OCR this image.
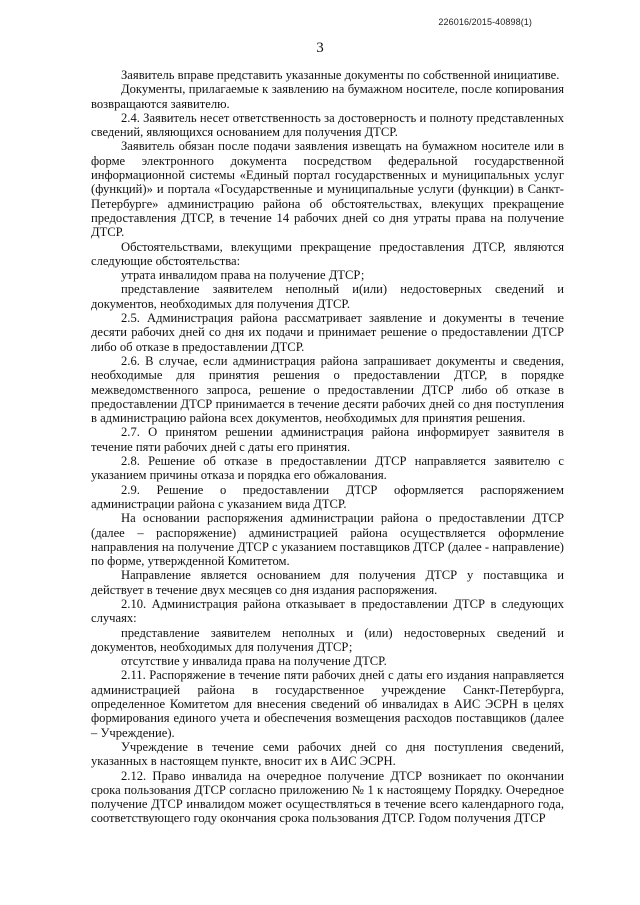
226016/2015-40898(1)
3

Заявитель вправе представить указанные документы по собственной инициативе.

Документы, прилагаемые к заявлению на бумажном носителе, после копирования возвращаются заявителю.

2.4. Заявитель несет ответственность за достоверность и полноту представленных сведений, являющихся основанием для получения ДТСР.

Заявитель обязан после подачи заявления извещать на бумажном носителе или в форме электронного документа посредством федеральной государственной информационной системы «Единый портал государственных и муниципальных услуг (функций)» и портала «Государственные и муниципальные услуги (функции) в Санкт-Петербурге» администрацию района об обстоятельствах, влекущих прекращение предоставления ДТСР, в течение 14 рабочих дней со дня утраты права на получение ДТСР.

Обстоятельствами, влекущими прекращение предоставления ДТСР, являются следующие обстоятельства:

утрата инвалидом права на получение ДТСР;

представление заявителем неполный и(или) недостоверных сведений и документов, необходимых для получения ДТСР.

2.5. Администрация района рассматривает заявление и документы в течение десяти рабочих дней со дня их подачи и принимает решение о предоставлении ДТСР либо об отказе в предоставлении ДТСР.

2.6. В случае, если администрация района запрашивает документы и сведения, необходимые для принятия решения о предоставлении ДТСР, в порядке межведомственного запроса, решение о предоставлении ДТСР либо об отказе в предоставлении ДТСР принимается в течение десяти рабочих дней со дня поступления в администрацию района всех документов, необходимых для принятия решения.

2.7. О принятом решении администрация района информирует заявителя в течение пяти рабочих дней с даты его принятия.

2.8. Решение об отказе в предоставлении ДТСР направляется заявителю с указанием причины отказа и порядка его обжалования.

2.9. Решение о предоставлении ДТСР оформляется распоряжением администрации района с указанием вида ДТСР.

На основании распоряжения администрации района о предоставлении ДТСР (далее – распоряжение) администрацией района осуществляется оформление направления на получение ДТСР с указанием поставщиков ДТСР (далее - направление) по форме, утвержденной Комитетом.

Направление является основанием для получения ДТСР у поставщика и действует в течение двух месяцев со дня издания распоряжения.

2.10. Администрация района отказывает в предоставлении ДТСР в следующих случаях:

представление заявителем неполных и (или) недостоверных сведений и документов, необходимых для получения ДТСР;

отсутствие у инвалида права на получение ДТСР.

2.11. Распоряжение в течение пяти рабочих дней с даты его издания направляется администрацией района в государственное учреждение Санкт-Петербурга, определенное Комитетом для внесения сведений об инвалидах в АИС ЭСРН в целях формирования единого учета и обеспечения возмещения расходов поставщиков (далее – Учреждение).

Учреждение в течение семи рабочих дней со дня поступления сведений, указанных в настоящем пункте, вносит их в АИС ЭСРН.

2.12. Право инвалида на очередное получение ДТСР возникает по окончании срока пользования ДТСР согласно приложению № 1 к настоящему Порядку. Очередное получение ДТСР инвалидом может осуществляться в течение всего календарного года, соответствующего году окончания срока пользования ДТСР. Годом получения ДТСР
